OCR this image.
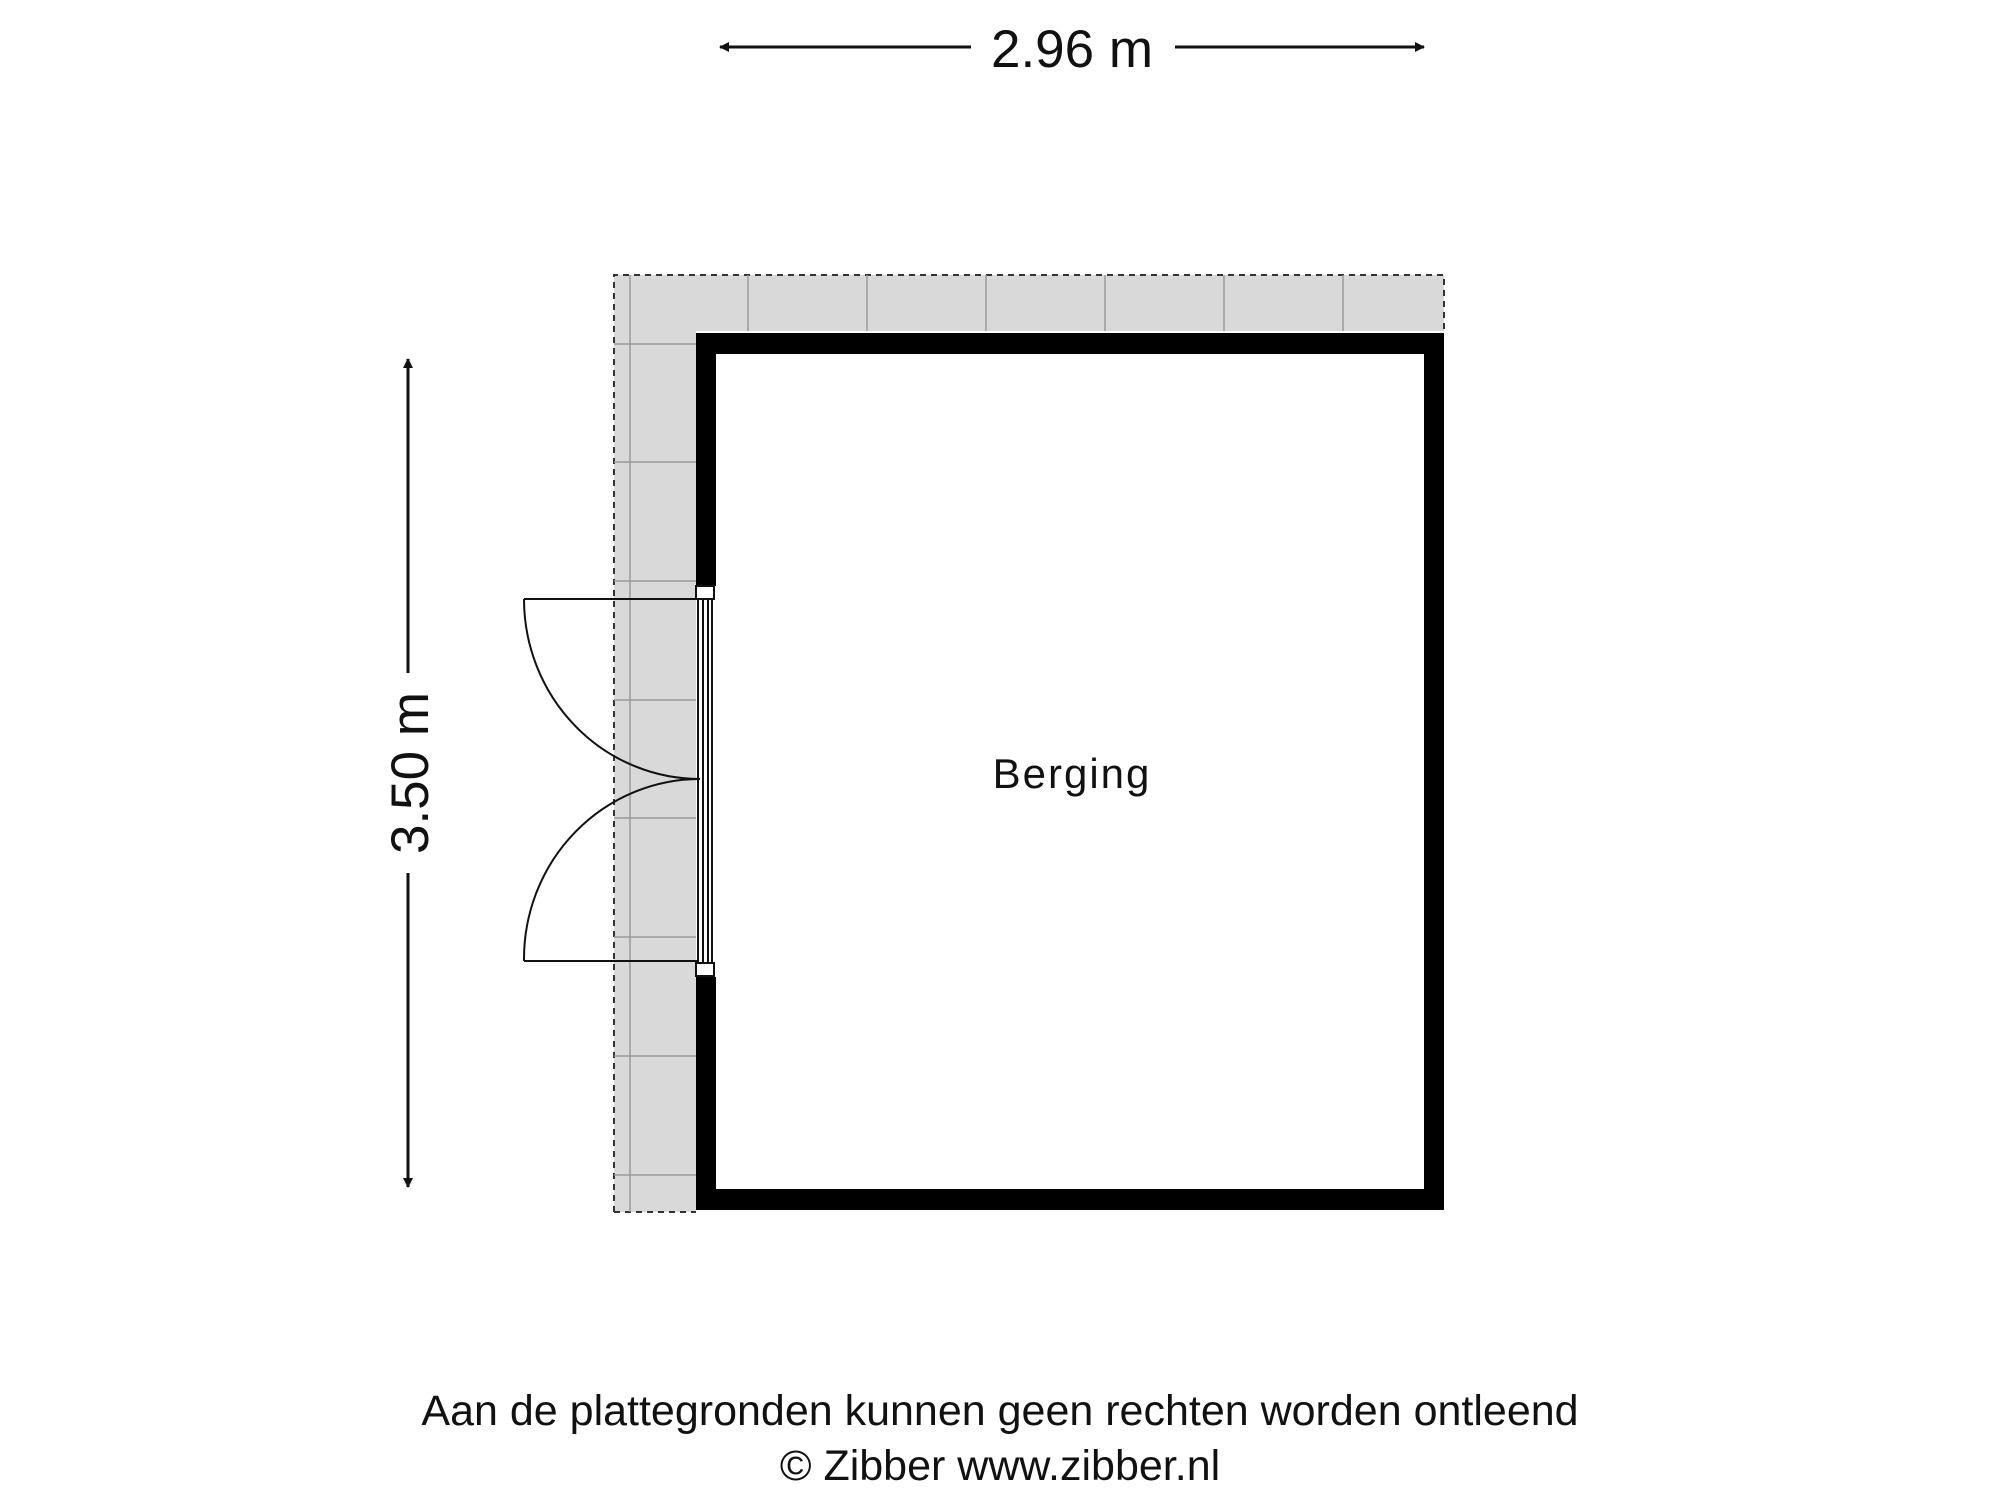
2.96 m
3.50 m	Berging
Aan de plattegronden kunnen geen rechten worden ontleend
© Zibber www.zibber.nl
